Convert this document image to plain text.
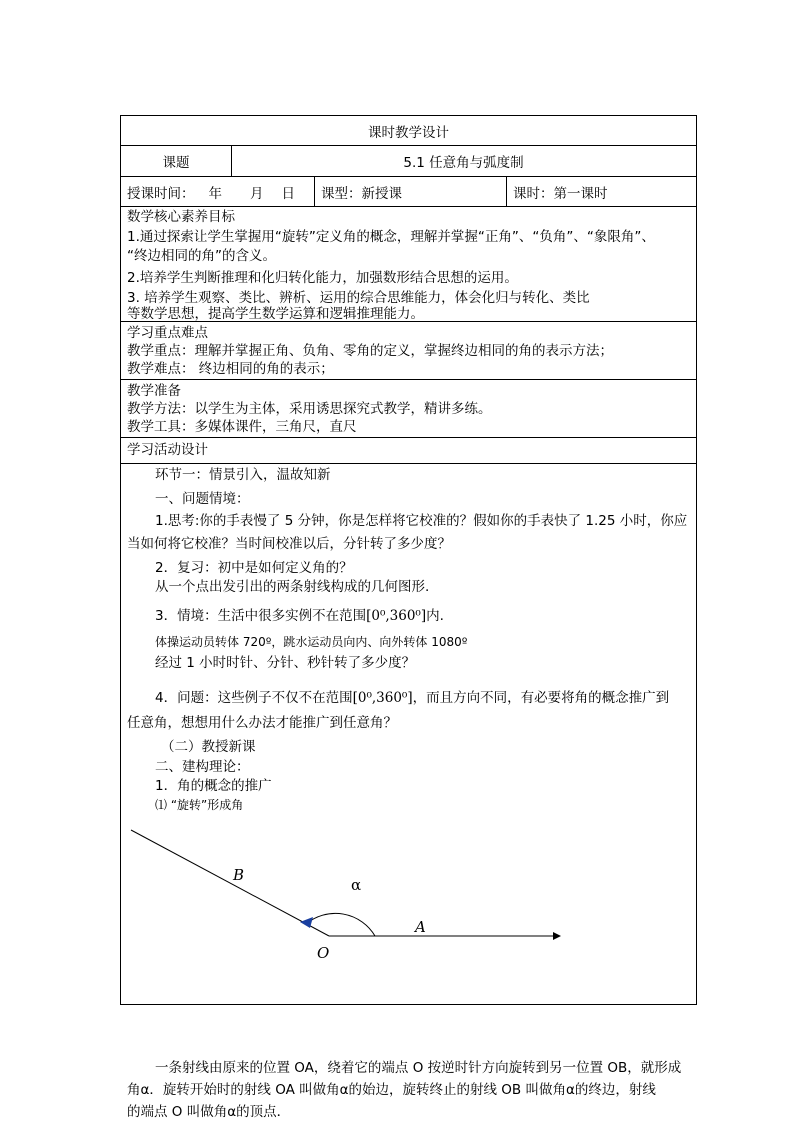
课时教学设计
课题	5.1 任意角与弧度制
授课时间： 年 月 日 课型：新授课	课时：第一课时
数学核心素养目标
1.通过探索让学生掌握用“旋转”定义角的概念，理解并掌握“正角”、“负角”、“象限角”、
“终边相同的角”的含义。
2.培养学生判断推理和化归转化能力，加强数形结合思想的运用。
3. 培养学生观察、类比、辨析、运用的综合思维能力，体会化归与转化、类比
等数学思想，提高学生数学运算和逻辑推理能力。
学习重点难点
教学重点：理解并掌握正角、负角、零角的定义，掌握终边相同的角的表示方法；
教学难点： 终边相同的角的表示；
教学准备
教学方法：以学生为主体，采用诱思探究式教学，精讲多练。
教学工具：多媒体课件，三角尺，直尺
学习活动设计
环节一：情景引入，温故知新
一、问题情境：
1.思考:你的手表慢了 5 分钟，你是怎样将它校准的？假如你的手表快了 1.25 小时，你应
当如何将它校准？当时间校准以后，分针转了多少度？
2．复习：初中是如何定义角的？
从一个点出发引出的两条射线构成的几何图形.
3．情境：生活中很多实例不在范围[0⁰,360⁰]内.
体操运动员转体 720º，跳水运动员向内、向外转体 1080º
经过 1 小时时针、分针、秒针转了多少度？
4．问题：这些例子不仅不在范围[0⁰,360⁰]，而且方向不同，有必要将角的概念推广到
任意角，想想用什么办法才能推广到任意角？
（二）教授新课
二、建构理论：
1．角的概念的推广
⑴ “旋转”形成角
B
α
O
A
一条射线由原来的位置 OA，绕着它的端点 O 按逆时针方向旋转到另一位置 OB，就形成
角α．旋转开始时的射线 OA 叫做角α的始边，旋转终止的射线 OB 叫做角α的终边，射线
的端点 O 叫做角α的顶点．
